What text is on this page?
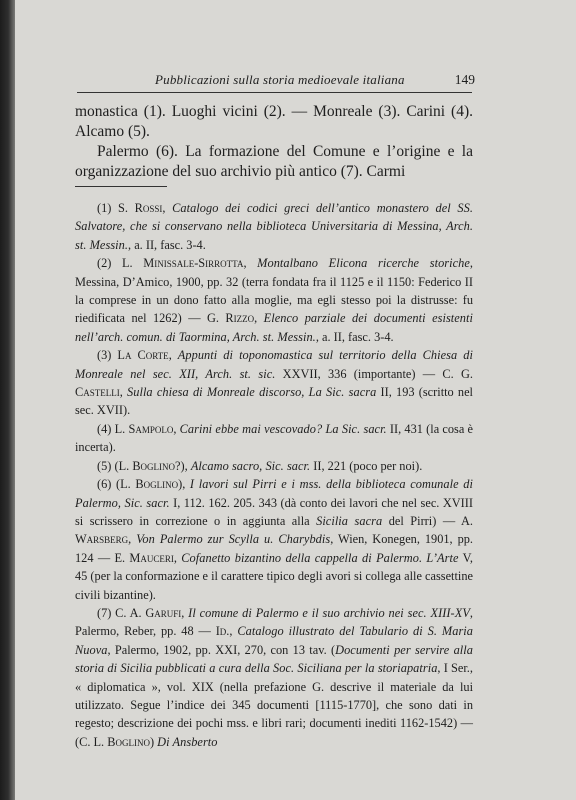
Pubblicazioni sulla storia medioevale italiana	149

monastica (1). Luoghi vicini (2). — Monreale (3). Carini (4). Alcamo (5).

Palermo (6). La formazione del Comune e l’origine e la organizzazione del suo archivio più antico (7). Carmi

(1) S. Rossi, Catalogo dei codici greci dell’antico monastero del SS. Salvatore, che si conservano nella biblioteca Universitaria di Messina, Arch. st. Messin., a. II, fasc. 3-4.

(2) L. Minissale-Sirrotta, Montalbano Elicona ricerche storiche, Messina, D’Amico, 1900, pp. 32 (terra fondata fra il 1125 e il 1150: Federico II la comprese in un dono fatto alla moglie, ma egli stesso poi la distrusse: fu riedificata nel 1262) — G. Rizzo, Elenco parziale dei documenti esistenti nell’arch. comun. di Taormina, Arch. st. Messin., a. II, fasc. 3-4.

(3) La Corte, Appunti di toponomastica sul territorio della Chiesa di Monreale nel sec. XII, Arch. st. sic. XXVII, 336 (importante) — C. G. Castelli, Sulla chiesa di Monreale discorso, La Sic. sacra II, 193 (scritto nel sec. XVII).

(4) L. Sampolo, Carini ebbe mai vescovado? La Sic. sacr. II, 431 (la cosa è incerta).

(5) (L. Boglino?), Alcamo sacro, Sic. sacr. II, 221 (poco per noi).

(6) (L. Boglino), I lavori sul Pirri e i mss. della biblioteca comunale di Palermo, Sic. sacr. I, 112. 162. 205. 343 (dà conto dei lavori che nel sec. XVIII si scrissero in correzione o in aggiunta alla Sicilia sacra del Pirri) — A. Warsberg, Von Palermo zur Scylla u. Charybdis, Wien, Konegen, 1901, pp. 124 — E. Mauceri, Cofanetto bizantino della cappella di Palermo. L’Arte V, 45 (per la conformazione e il carattere tipico degli avori si collega alle cassettine civili bizantine).

(7) C. A. Garufi, Il comune di Palermo e il suo archivio nei sec. XIII-XV, Palermo, Reber, pp. 48 — Id., Catalogo illustrato del Tabulario di S. Maria Nuova, Palermo, 1902, pp. XXI, 270, con 13 tav. (Documenti per servire alla storia di Sicilia pubblicati a cura della Soc. Siciliana per la storiapatria, I Ser., « diplomatica », vol. XIX (nella prefazione G. descrive il materiale da lui utilizzato. Segue l’indice dei 345 documenti [1115-1770], che sono dati in regesto; descrizione dei pochi mss. e libri rari; documenti inediti 1162-1542) — (C. L. Boglino) Di Ansberto
